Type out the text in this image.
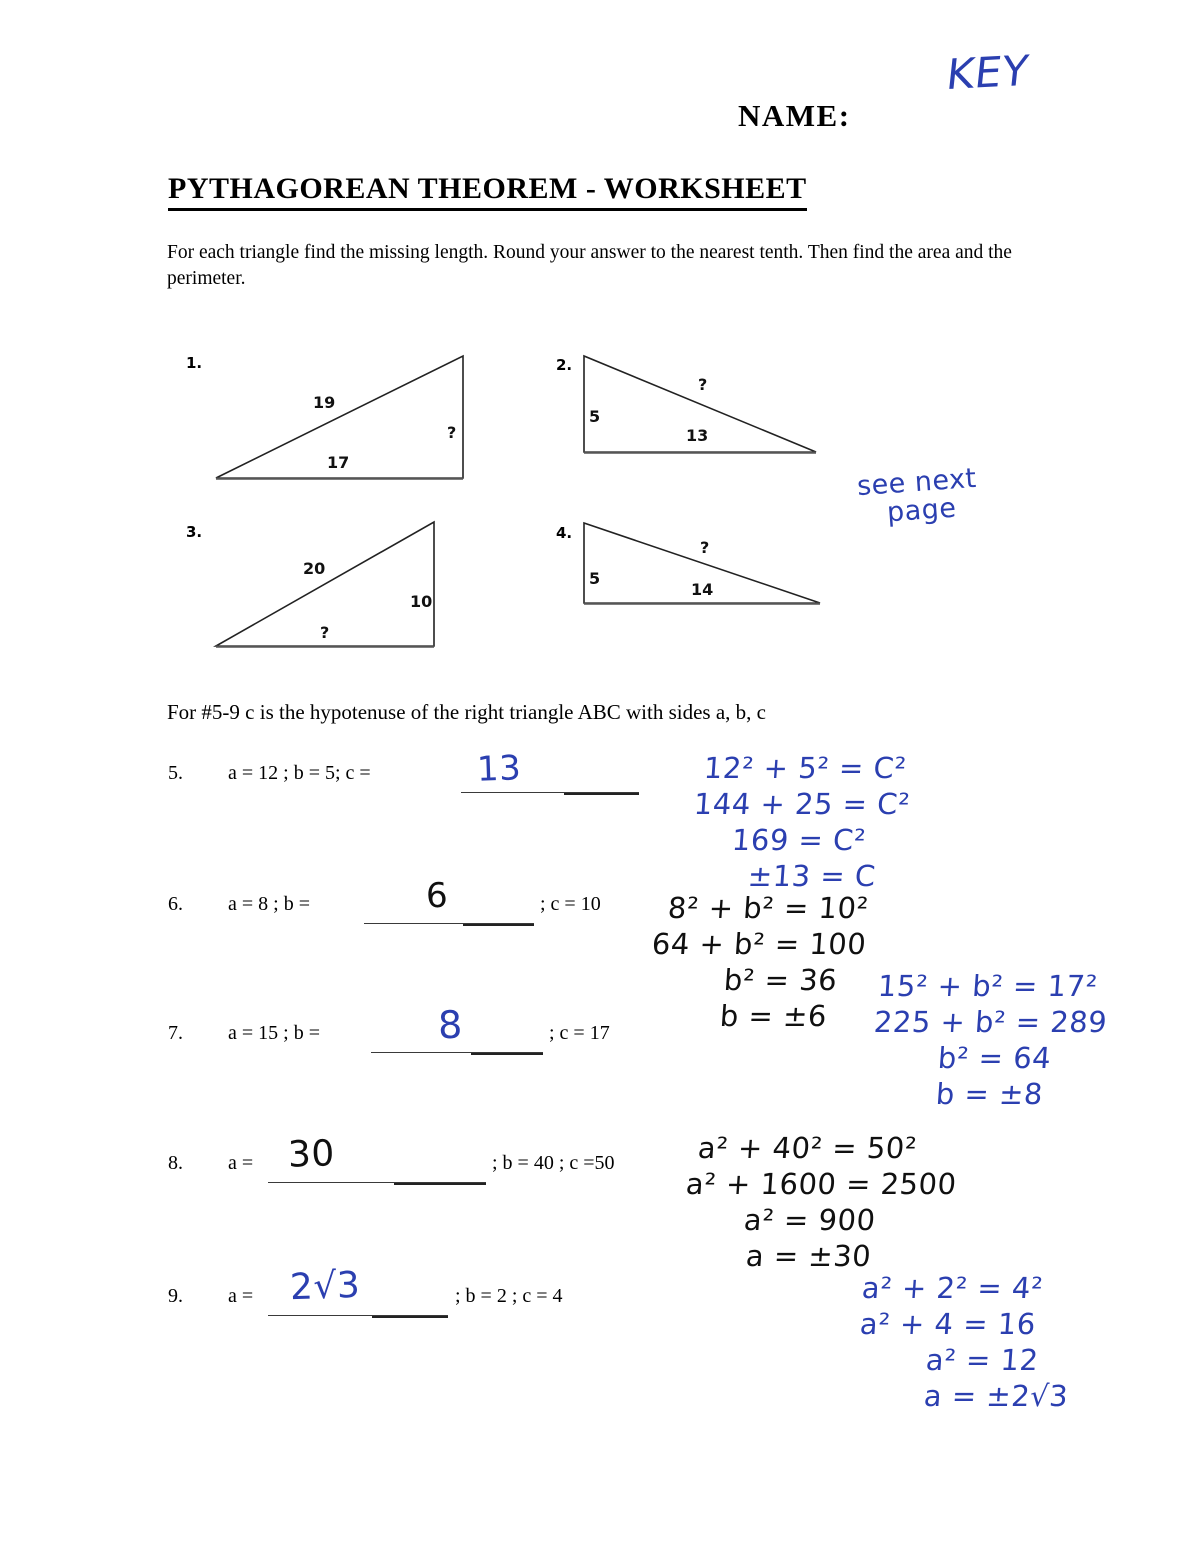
KEY
NAME:
PYTHAGOREAN THEOREM - WORKSHEET
For each triangle find the missing length. Round your answer to the nearest tenth. Then find the area and the perimeter.
1.
19
17
?
2.
5
13
?
3.
20
10
?
4.
5
14
?
see next
page
For #5-9 c is the hypotenuse of the right triangle ABC with sides a, b, c
5. a = 12 ; b = 5; c =	13	12² + 5² = C²
144 + 25 = C²
169 = C²
±13 = C
6. a = 8 ; b =	6	; c = 10 8² + b² = 10²
64 + b² = 100
b² = 36
b = ±6
7. a = 15 ; b =	8	; c = 17
15² + b² = 17²
225 + b² = 289
b² = 64
b = ±8
8. a = 30	; b = 40 ; c =50	a² + 40² = 50²
a² + 1600 = 2500
a² = 900
a = ±30
9. a = 2√3	; b = 2 ; c = 4	a² + 2² = 4²
a² + 4 = 16
a² = 12
a = ±2√3
